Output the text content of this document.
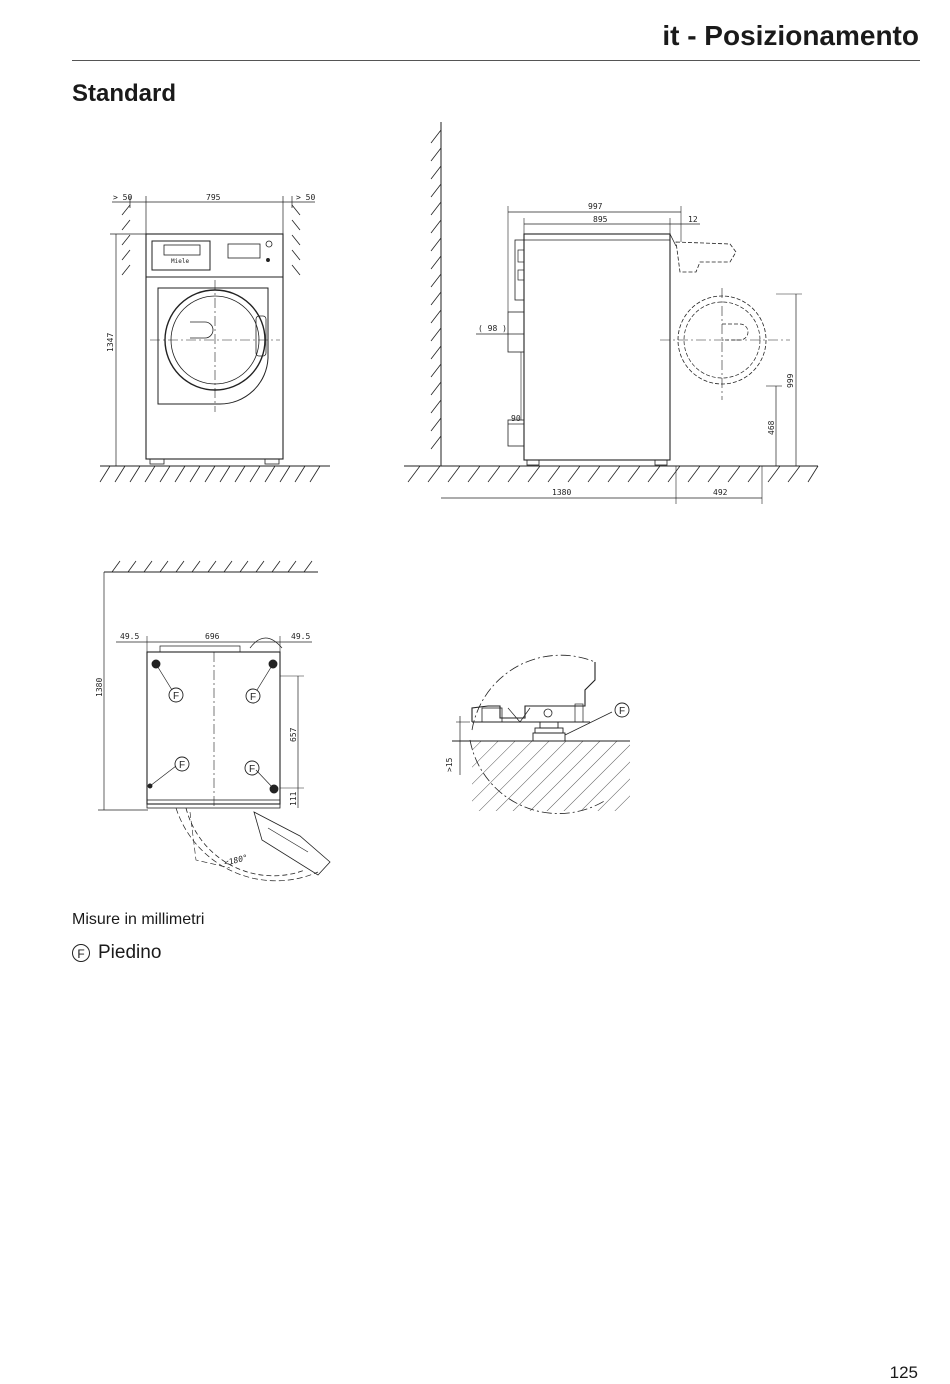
it - Posizionamento
Standard
> 50	795	> 50
1347
Miele
997
895	12
( 98 )
90
1380	492
999
468
49.5	696	49.5
1380
657
111
<180°
F	F
F	F	>15
F
Misure in millimetri
F Piedino
125
